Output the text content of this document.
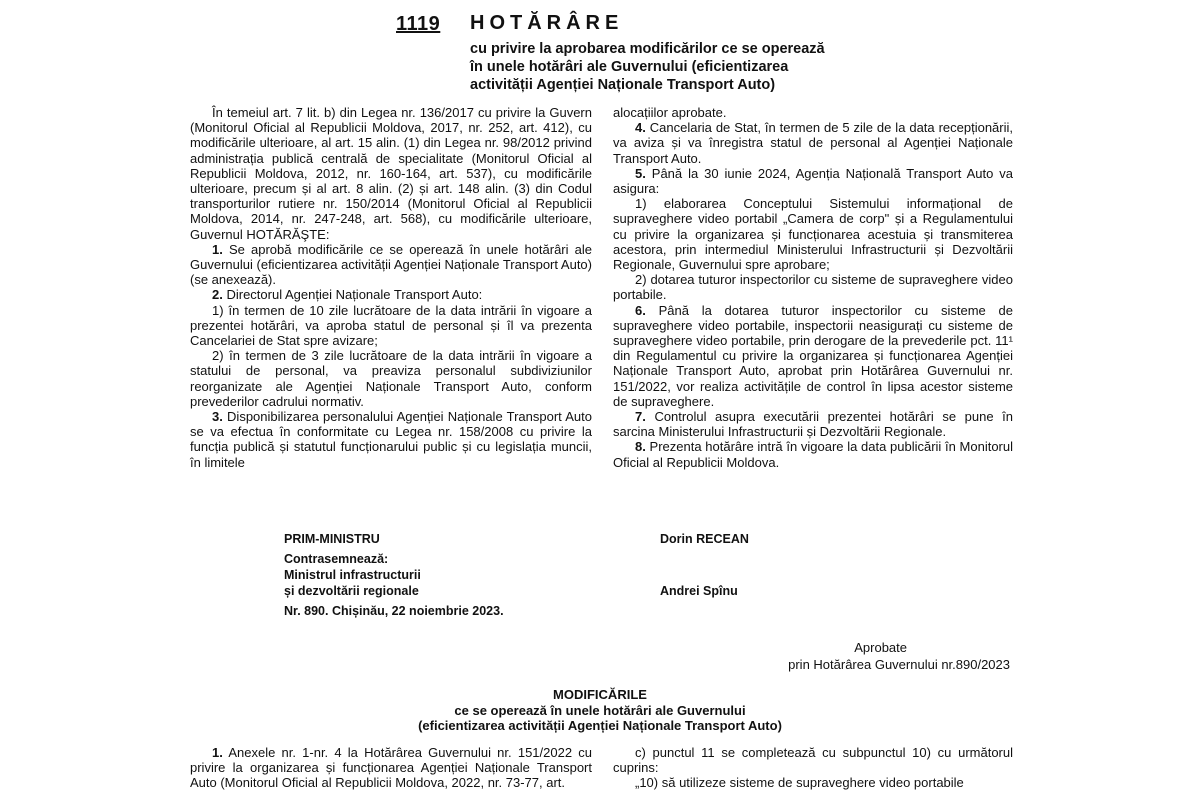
1119 HOTĂRÂRE
cu privire la aprobarea modificărilor ce se operează
în unele hotărâri ale Guvernului (eficientizarea
activității Agenției Naționale Transport Auto)

În temeiul art. 7 lit. b) din Legea nr. 136/2017 cu privire la Guvern (Monitorul Oficial al Republicii Moldova, 2017, nr. 252, art. 412), cu modificările ulterioare, al art. 15 alin. (1) din Legea nr. 98/2012 privind administrația publică centrală de specialitate (Monitorul Oficial al Republicii Moldova, 2012, nr. 160-164, art. 537), cu modificările ulterioare, precum și al art. 8 alin. (2) și art. 148 alin. (3) din Codul transporturilor rutiere nr. 150/2014 (Monitorul Oficial al Republicii Moldova, 2014, nr. 247-248, art. 568), cu modificările ulterioare, Guvernul HOTĂRĂŞTE:

1. Se aprobă modificările ce se operează în unele hotărâri ale Guvernului (eficientizarea activității Agenției Naționale Transport Auto) (se anexează).

2. Directorul Agenției Naționale Transport Auto:

1) în termen de 10 zile lucrătoare de la data intrării în vigoare a prezentei hotărâri, va aproba statul de personal și îl va prezenta Cancelariei de Stat spre avizare;

2) în termen de 3 zile lucrătoare de la data intrării în vigoare a statului de personal, va preaviza personalul subdiviziunilor reorganizate ale Agenției Naționale Transport Auto, conform prevederilor cadrului normativ.

3. Disponibilizarea personalului Agenției Naționale Transport Auto se va efectua în conformitate cu Legea nr. 158/2008 cu privire la funcția publică și statutul funcționarului public și cu legislația muncii, în limitele

alocațiilor aprobate.

4. Cancelaria de Stat, în termen de 5 zile de la data recepționării, va aviza și va înregistra statul de personal al Agenției Naționale Transport Auto.

5. Până la 30 iunie 2024, Agenția Națională Transport Auto va asigura:

1) elaborarea Conceptului Sistemului informațional de supraveghere video portabil „Camera de corp" și a Regulamentului cu privire la organizarea și funcționarea acestuia și transmiterea acestora, prin intermediul Ministerului Infrastructurii și Dezvoltării Regionale, Guvernului spre aprobare;

2) dotarea tuturor inspectorilor cu sisteme de supraveghere video portabile.

6. Până la dotarea tuturor inspectorilor cu sisteme de supraveghere video portabile, inspectorii neasigurați cu sisteme de supraveghere video portabile, prin derogare de la prevederile pct. 11¹ din Regulamentul cu privire la organizarea și funcționarea Agenției Naționale Transport Auto, aprobat prin Hotărârea Guvernului nr. 151/2022, vor realiza activitățile de control în lipsa acestor sisteme de supraveghere.

7. Controlul asupra executării prezentei hotărâri se pune în sarcina Ministerului Infrastructurii și Dezvoltării Regionale.

8. Prezenta hotărâre intră în vigoare la data publicării în Monitorul Oficial al Republicii Moldova.

PRIM-MINISTRU	Dorin RECEAN
Contrasemnează:
Ministrul infrastructurii
și dezvoltării regionale	Andrei Spînu
Nr. 890. Chișinău, 22 noiembrie 2023.
Aprobate
prin Hotărârea Guvernului nr.890/2023
MODIFICĂRILE
ce se operează în unele hotărâri ale Guvernului
(eficientizarea activității Agenției Naționale Transport Auto)

1. Anexele nr. 1-nr. 4 la Hotărârea Guvernului nr. 151/2022 cu privire la organizarea și funcționarea Agenției Naționale Transport Auto (Monitorul Oficial al Republicii Moldova, 2022, nr. 73-77, art.

c) punctul 11 se completează cu subpunctul 10) cu următorul cuprins:

„10) să utilizeze sisteme de supraveghere video portabile
